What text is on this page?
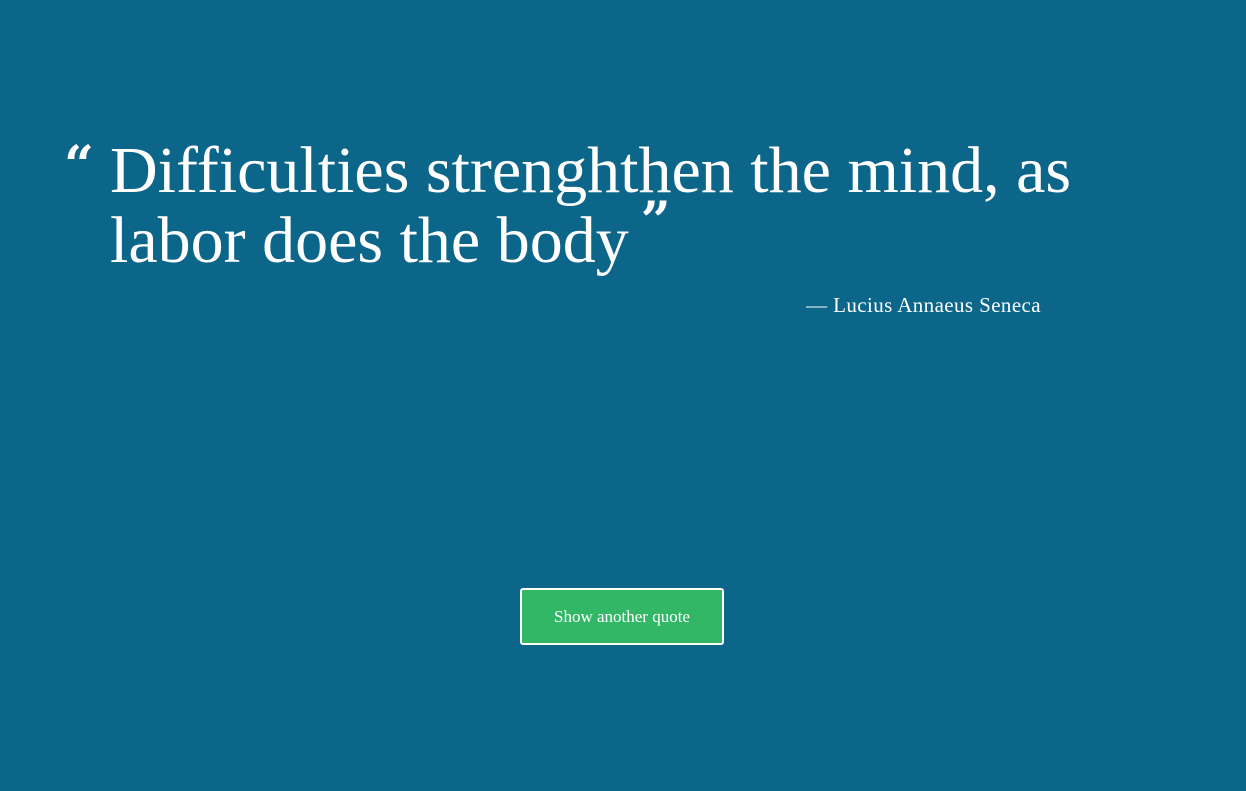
“ Difficulties strenghthen the mind, as labor does the body ”
— Lucius Annaeus Seneca
Show another quote
